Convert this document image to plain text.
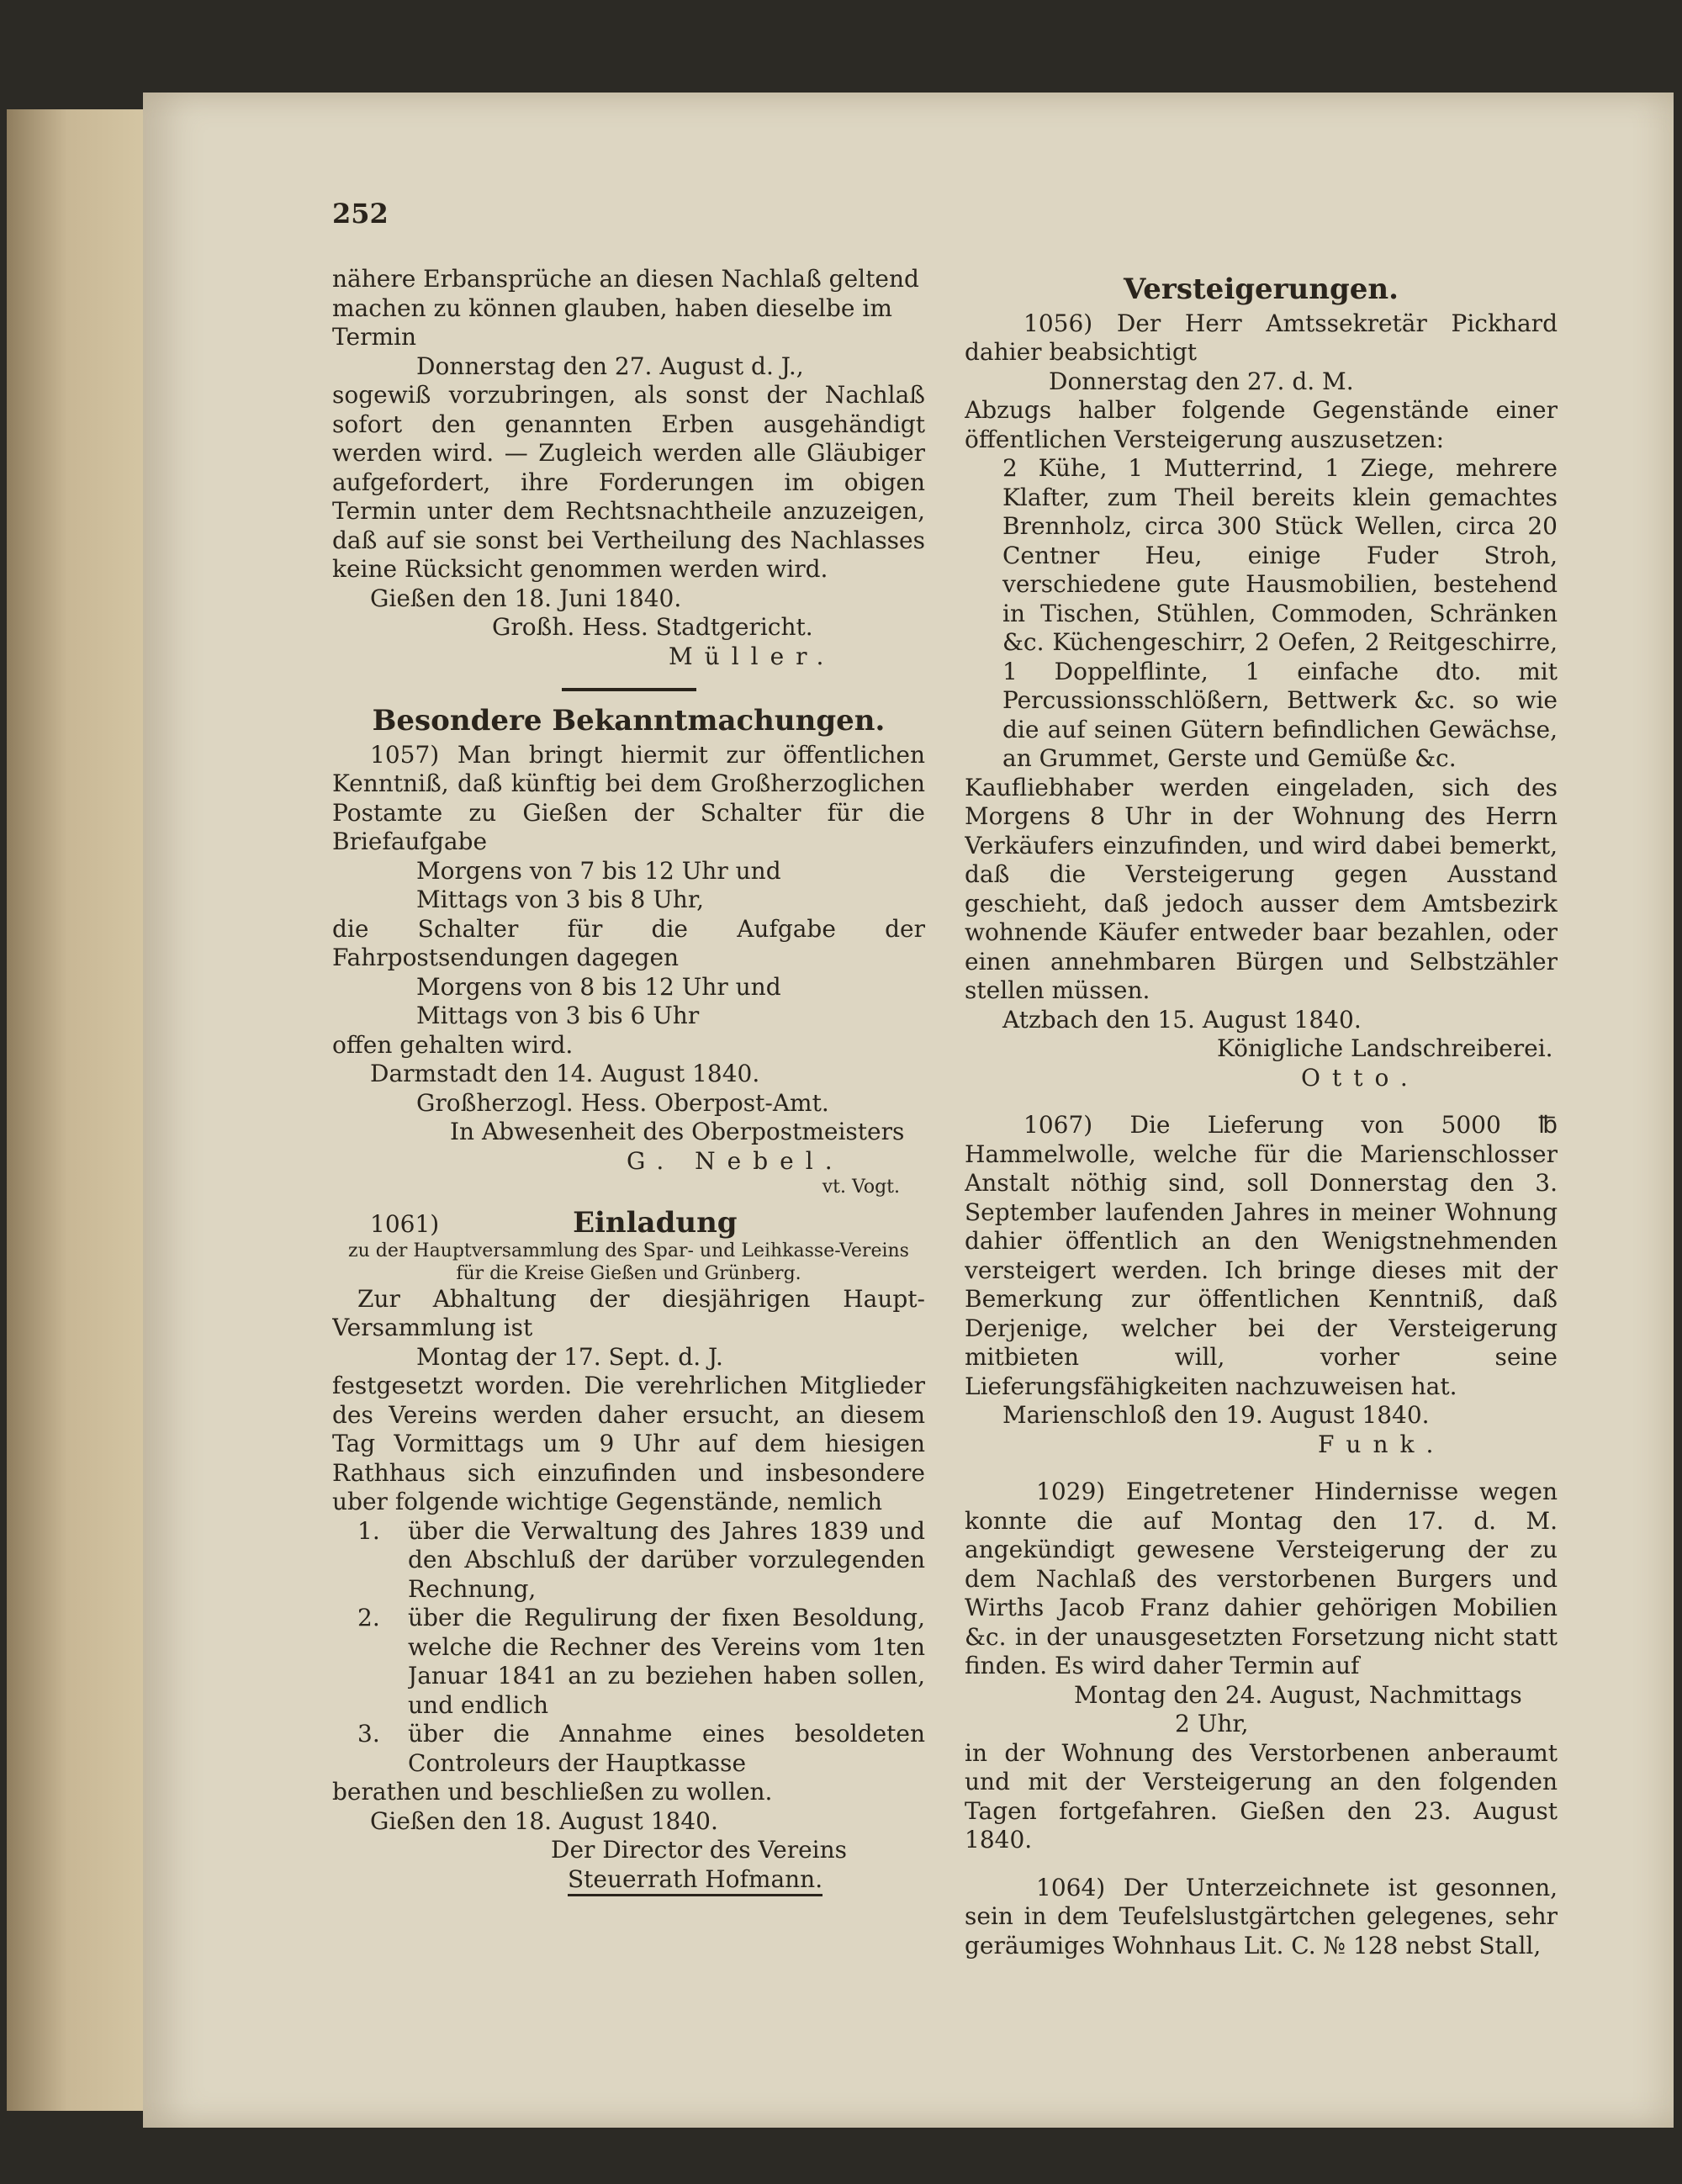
252
nähere Erbansprüche an diesen Nachlaß geltend
machen zu können glauben, haben dieselbe im
Termin
Donnerstag den 27. August d. J.,
sogewiß vorzubringen, als sonst der Nachlaß sofort den genannten Erben ausgehändigt werden wird. — Zugleich werden alle Gläubiger aufgefordert, ihre Forderungen im obigen Termin unter dem Rechtsnachtheile anzuzeigen, daß auf sie sonst bei Vertheilung des Nachlasses keine Rücksicht genommen werden wird.
Gießen den 18. Juni 1840.
Großh. Hess. Stadtgericht.
Müller.
Besondere Bekanntmachungen.
1057) Man bringt hiermit zur öffentlichen Kenntniß, daß künftig bei dem Großherzoglichen Postamte zu Gießen der Schalter für die Briefaufgabe
Morgens von 7 bis 12 Uhr und
Mittags von 3 bis 8 Uhr,
die Schalter für die Aufgabe der Fahrpostsendungen dagegen
Morgens von 8 bis 12 Uhr und
Mittags von 3 bis 6 Uhr
offen gehalten wird.
Darmstadt den 14. August 1840.
Großherzogl. Hess. Oberpost-Amt.
In Abwesenheit des Oberpostmeisters
G. Nebel.
vt. Vogt.
1061)	Einladung
zu der Hauptversammlung des Spar- und Leihkasse-Vereins
für die Kreise Gießen und Grünberg.
Zur Abhaltung der diesjährigen Haupt-Versammlung ist
Montag der 17. Sept. d. J.
festgesetzt worden. Die verehrlichen Mitglieder des Vereins werden daher ersucht, an diesem Tag Vormittags um 9 Uhr auf dem hiesigen Rathhaus sich einzufinden und insbesondere uber folgende wichtige Gegenstände, nemlich
1. über die Verwaltung des Jahres 1839 und den Abschluß der darüber vorzulegenden Rechnung,
2. über die Regulirung der fixen Besoldung, welche die Rechner des Vereins vom 1ten Januar 1841 an zu beziehen haben sollen, und endlich
3. über die Annahme eines besoldeten Controleurs der Hauptkasse
berathen und beschließen zu wollen.
Gießen den 18. August 1840.
Der Director des Vereins
Steuerrath Hofmann.
Versteigerungen.
1056) Der Herr Amtssekretär Pickhard dahier beabsichtigt
Donnerstag den 27. d. M.
Abzugs halber folgende Gegenstände einer öffentlichen Versteigerung auszusetzen:
2 Kühe, 1 Mutterrind, 1 Ziege, mehrere Klafter, zum Theil bereits klein gemachtes Brennholz, circa 300 Stück Wellen, circa 20 Centner Heu, einige Fuder Stroh, verschiedene gute Hausmobilien, bestehend in Tischen, Stühlen, Commoden, Schränken &c. Küchengeschirr, 2 Oefen, 2 Reitgeschirre, 1 Doppelflinte, 1 einfache dto. mit Percussionsschlößern, Bettwerk &c. so wie die auf seinen Gütern befindlichen Gewächse, an Grummet, Gerste und Gemüße &c.
Kaufliebhaber werden eingeladen, sich des Morgens 8 Uhr in der Wohnung des Herrn Verkäufers einzufinden, und wird dabei bemerkt, daß die Versteigerung gegen Ausstand geschieht, daß jedoch ausser dem Amtsbezirk wohnende Käufer entweder baar bezahlen, oder einen annehmbaren Bürgen und Selbstzähler stellen müssen.
Atzbach den 15. August 1840.
Königliche Landschreiberei.
Otto.
1067) Die Lieferung von 5000 ℔ Hammelwolle, welche für die Marienschlosser Anstalt nöthig sind, soll Donnerstag den 3. September laufenden Jahres in meiner Wohnung dahier öffentlich an den Wenigstnehmenden versteigert werden. Ich bringe dieses mit der Bemerkung zur öffentlichen Kenntniß, daß Derjenige, welcher bei der Versteigerung mitbieten will, vorher seine Lieferungsfähigkeiten nachzuweisen hat.
Marienschloß den 19. August 1840.
Funk.
1029) Eingetretener Hindernisse wegen konnte die auf Montag den 17. d. M. angekündigt gewesene Versteigerung der zu dem Nachlaß des verstorbenen Burgers und Wirths Jacob Franz dahier gehörigen Mobilien &c. in der unausgesetzten Forsetzung nicht statt finden. Es wird daher Termin auf
Montag den 24. August, Nachmittags
2 Uhr,
in der Wohnung des Verstorbenen anberaumt und mit der Versteigerung an den folgenden Tagen fortgefahren. Gießen den 23. August 1840.
1064) Der Unterzeichnete ist gesonnen, sein in dem Teufelslustgärtchen gelegenes, sehr geräumiges Wohnhaus Lit. C. № 128 nebst Stall,
